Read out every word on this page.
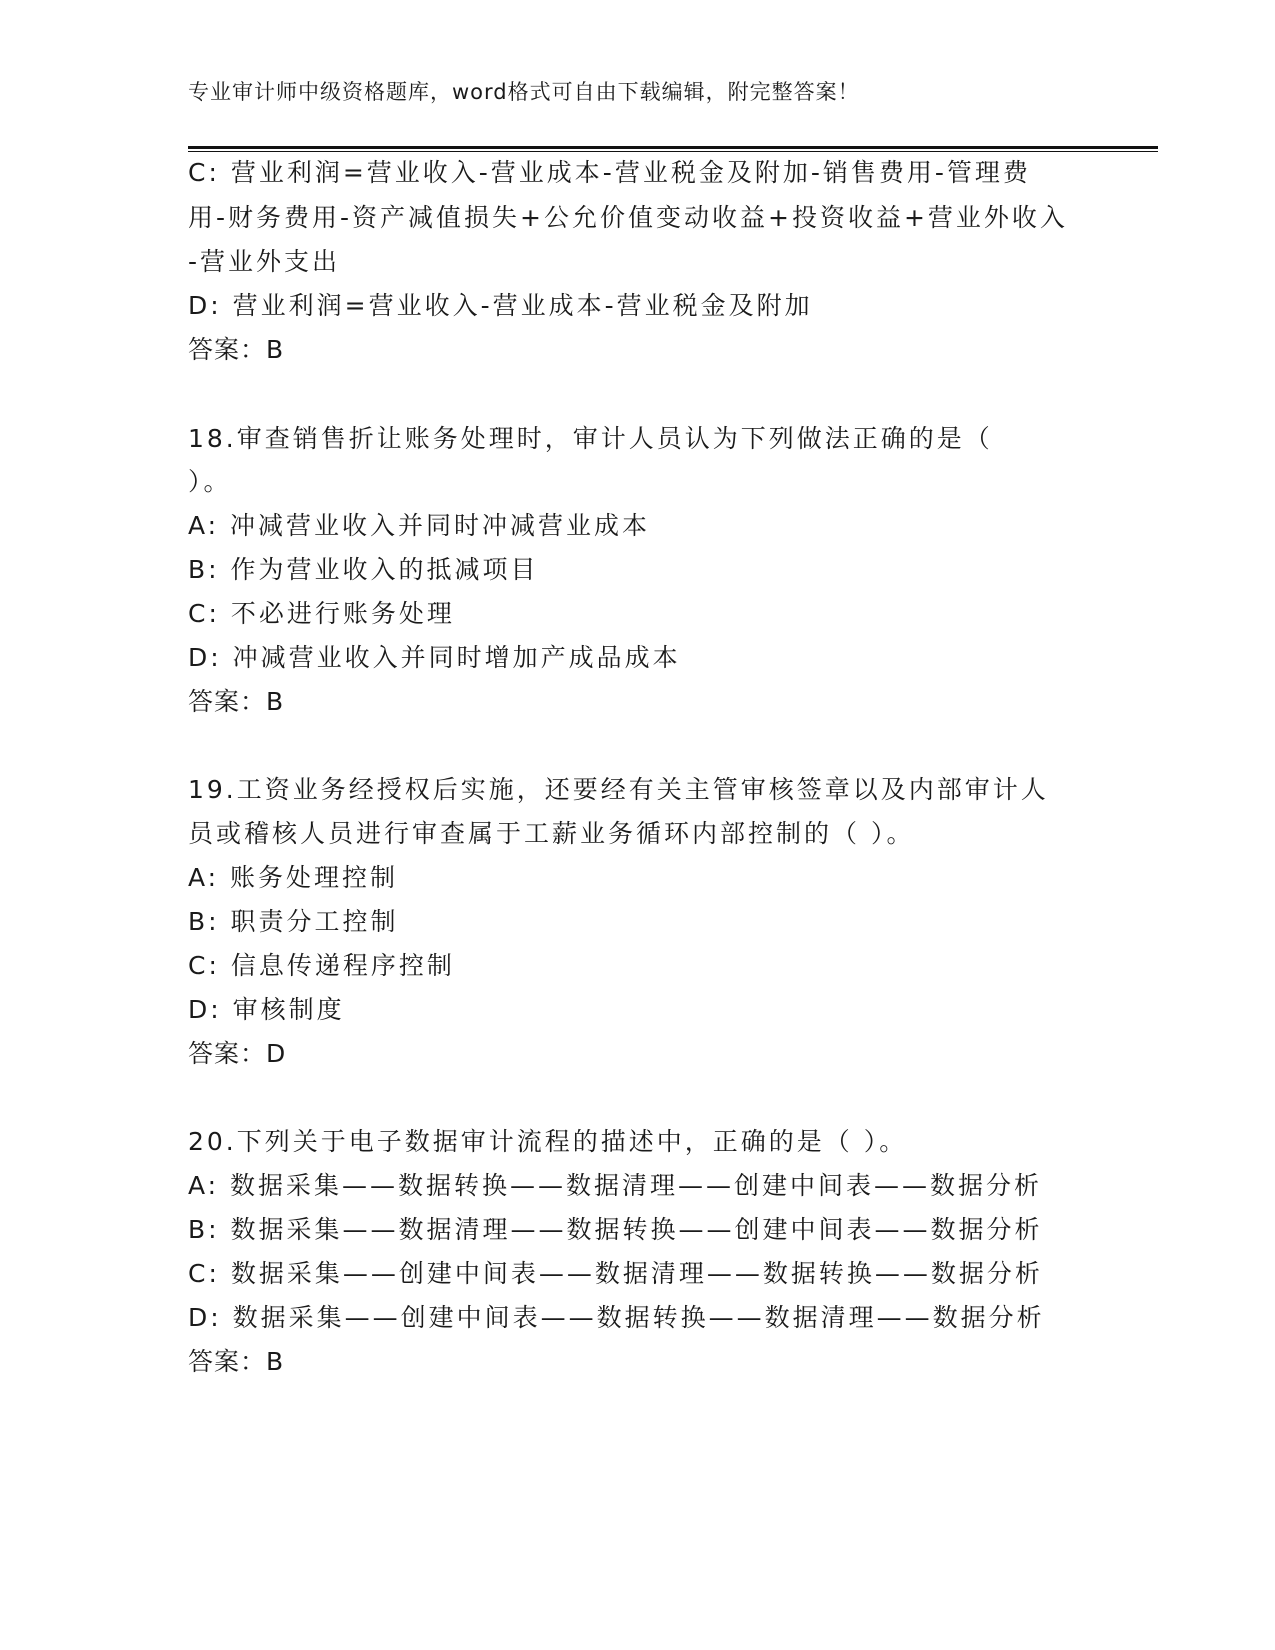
专业审计师中级资格题库，word格式可自由下载编辑，附完整答案！
C: 营业利润=营业收入-营业成本-营业税金及附加-销售费用-管理费
用-财务费用-资产减值损失+公允价值变动收益+投资收益+营业外收入
-营业外支出
D: 营业利润=营业收入-营业成本-营业税金及附加
答案：B
18.审查销售折让账务处理时，审计人员认为下列做法正确的是（
）。
A: 冲减营业收入并同时冲减营业成本
B: 作为营业收入的抵减项目
C: 不必进行账务处理
D: 冲减营业收入并同时增加产成品成本
答案：B
19.工资业务经授权后实施，还要经有关主管审核签章以及内部审计人
员或稽核人员进行审查属于工薪业务循环内部控制的（ ）。
A: 账务处理控制
B: 职责分工控制
C: 信息传递程序控制
D: 审核制度
答案：D
20.下列关于电子数据审计流程的描述中，正确的是（ ）。
A: 数据采集——数据转换——数据清理——创建中间表——数据分析
B: 数据采集——数据清理——数据转换——创建中间表——数据分析
C: 数据采集——创建中间表——数据清理——数据转换——数据分析
D: 数据采集——创建中间表——数据转换——数据清理——数据分析
答案：B
